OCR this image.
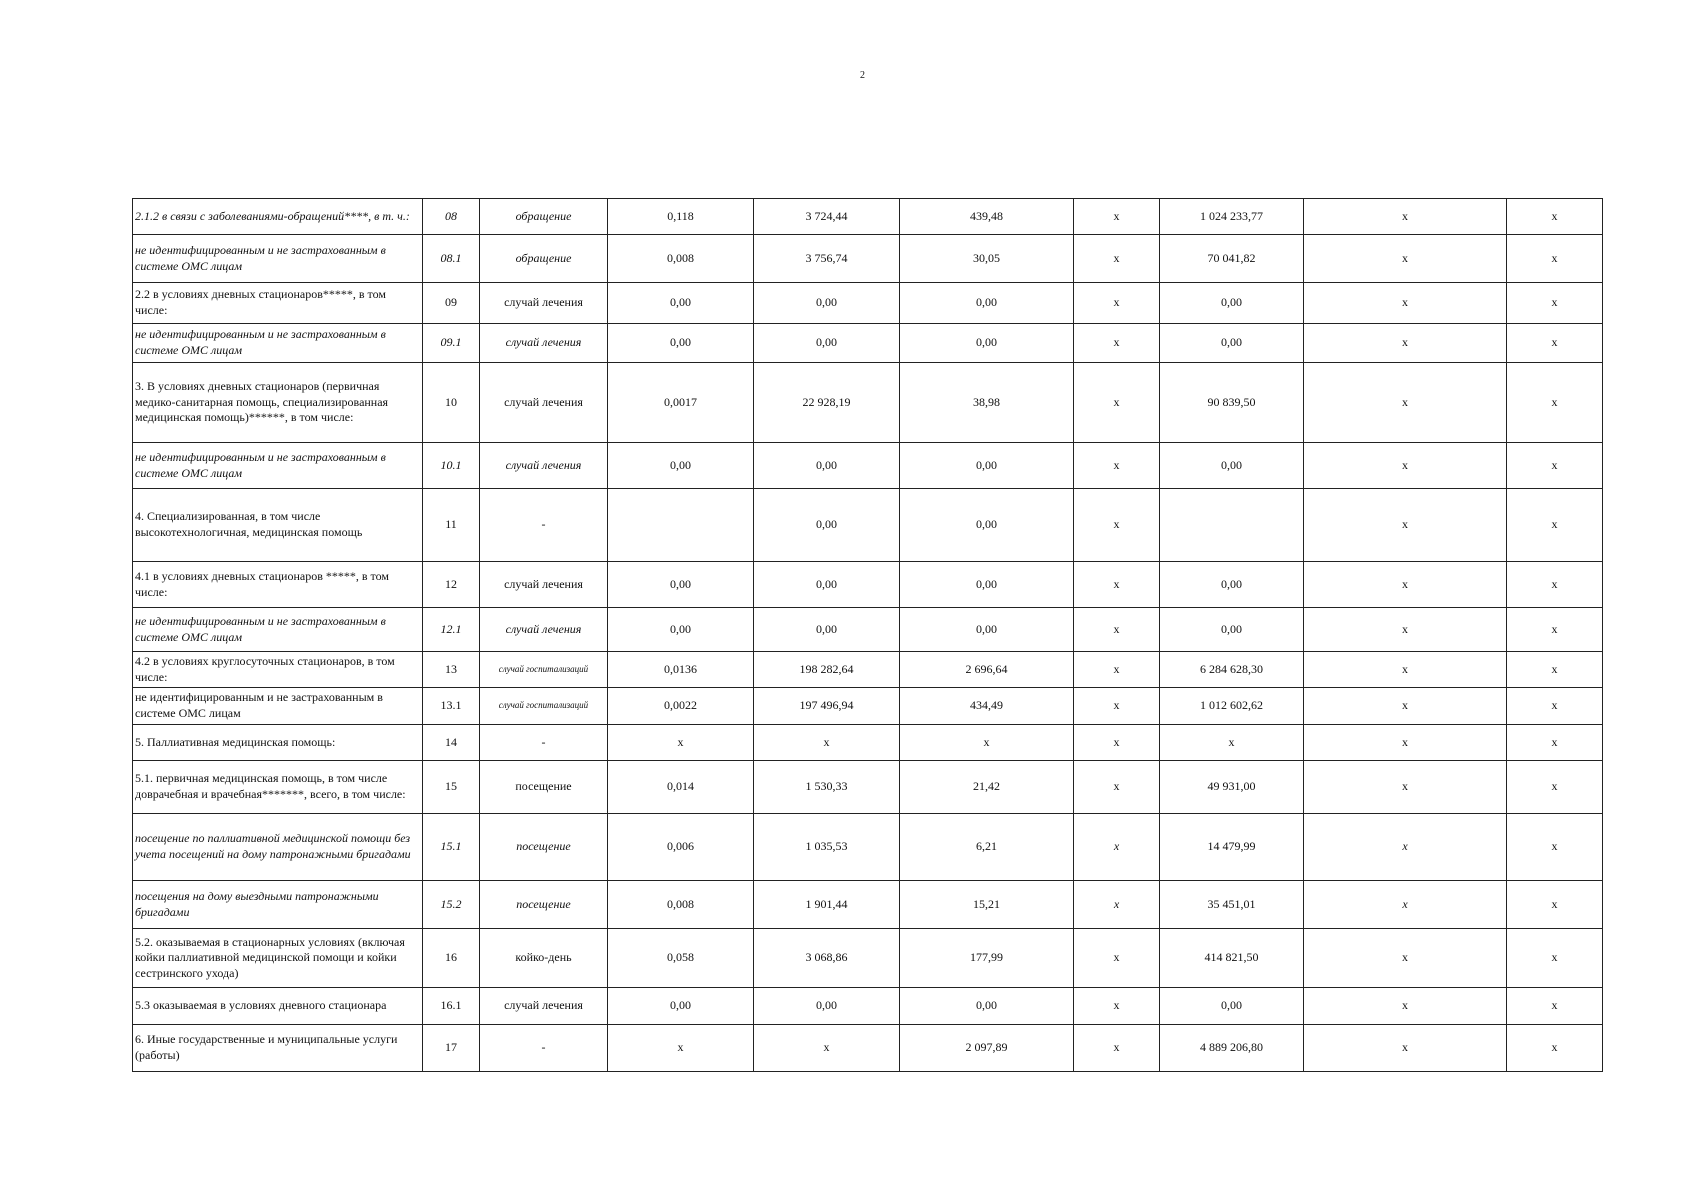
2
2.1.2 в связи с заболеваниями-обращений****, в т. ч.:	08	обращение	0,118	3 724,44	439,48	x	1 024 233,77	x	x
не идентифицированным и не застрахованным в системе ОМС лицам	08.1	обращение	0,008	3 756,74	30,05	x	70 041,82	x	x
2.2 в условиях дневных стационаров*****, в том числе:	09	случай лечения	0,00	0,00	0,00	x	0,00	x	x
не идентифицированным и не застрахованным в системе ОМС лицам	09.1	случай лечения	0,00	0,00	0,00	x	0,00	x	x
3. В условиях дневных стационаров (первичная медико-санитарная помощь, специализированная медицинская помощь)******, в том числе:	10	случай лечения	0,0017	22 928,19	38,98	x	90 839,50	x	x
не идентифицированным и не застрахованным в системе ОМС лицам	10.1	случай лечения	0,00	0,00	0,00	x	0,00	x	x
4. Специализированная, в том числе высокотехнологичная, медицинская помощь	11	-		0,00	0,00	x		x	x
4.1 в условиях дневных стационаров *****, в том числе:	12	случай лечения	0,00	0,00	0,00	x	0,00	x	x
не идентифицированным и не застрахованным в системе ОМС лицам	12.1	случай лечения	0,00	0,00	0,00	x	0,00	x	x
4.2 в условиях круглосуточных стационаров, в том числе:	13	случай госпитализаций	0,0136	198 282,64	2 696,64	x	6 284 628,30	x	x
не идентифицированным и не застрахованным в системе ОМС лицам	13.1	случай госпитализаций	0,0022	197 496,94	434,49	x	1 012 602,62	x	x
5. Паллиативная медицинская помощь:	14	-	x	x	x	x	x	x	x
5.1. первичная медицинская помощь, в том числе доврачебная и врачебная*******, всего, в том числе:	15	посещение	0,014	1 530,33	21,42	x	49 931,00	x	x
посещение по паллиативной медицинской помощи без учета посещений на дому патронажными бригадами	15.1	посещение	0,006	1 035,53	6,21	x	14 479,99	x	x
посещения на дому выездными патронажными бригадами	15.2	посещение	0,008	1 901,44	15,21	x	35 451,01	x	x
5.2. оказываемая в стационарных условиях (включая койки паллиативной медицинской помощи и койки сестринского ухода)	16	койко-день	0,058	3 068,86	177,99	x	414 821,50	x	x
5.3 оказываемая в условиях дневного стационара	16.1	случай лечения	0,00	0,00	0,00	x	0,00	x	x
6. Иные государственные и муниципальные услуги (работы)	17	-	x	x	2 097,89	x	4 889 206,80	x	x
